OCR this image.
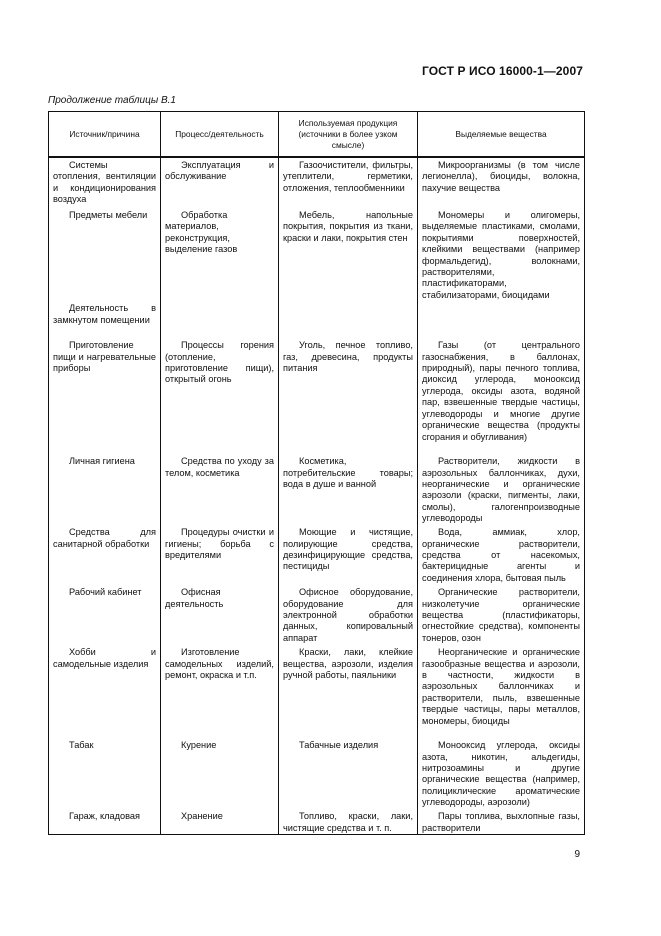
ГОСТ Р ИСО 16000-1—2007
Продолжение таблицы В.1
Источник/причина	Процесс/деятельность	Используемая продукция (источники в более узком смысле)	Выделяемые вещества

Системы отопления, вентиляции и кондиционирования воздуха	Эксплуатация и обслуживание	Газоочистители, фильтры, утеплители, герметики, отложения, теплообменники	Микроорганизмы (в том числе легионелла), биоциды, волокна, пахучие вещества

Предметы мебели	Обработка материалов, реконструкция, выделение газов	Мебель, напольные покрытия, покрытия из ткани, краски и лаки, покрытия стен	Мономеры и олигомеры, выделяемые пластиками, смолами, покрытиями поверхностей, клейкими веществами (например формальдегид), волокнами, растворителями, пластификаторами, стабилизаторами, биоцидами

Деятельность в замкнутом помещении			

Приготовление пищи и нагревательные приборы	Процессы горения (отопление, приготовление пищи), открытый огонь	Уголь, печное топливо, газ, древесина, продукты питания	Газы (от центрального газоснабжения, в баллонах, природный), пары печного топлива, диоксид углерода, монооксид углерода, оксиды азота, водяной пар, взвешенные твердые частицы, углеводороды и многие другие органические вещества (продукты сгорания и обугливания)

Личная гигиена	Средства по уходу за телом, косметика	Косметика, потребительские товары; вода в душе и ванной	Растворители, жидкости в аэрозольных баллончиках, духи, неорганические и органические аэрозоли (краски, пигменты, лаки, смолы), галогенпроизводные углеводороды

Средства для санитарной обработки	Процедуры очистки и гигиены; борьба с вредителями	Моющие и чистящие, полирующие средства, дезинфицирующие средства, пестициды	Вода, аммиак, хлор, органические растворители, средства от насекомых, бактерицидные агенты и соединения хлора, бытовая пыль

Рабочий кабинет	Офисная деятельность	Офисное оборудование, оборудование для электронной обработки данных, копировальный аппарат	Органические растворители, низколетучие органические вещества (пластификаторы, огнестойкие средства), компоненты тонеров, озон

Хобби и самодельные изделия	Изготовление самодельных изделий, ремонт, окраска и т.п.	Краски, лаки, клейкие вещества, аэрозоли, изделия ручной работы, паяльники	Неорганические и органические газообразные вещества и аэрозоли, в частности, жидкости в аэрозольных баллончиках и растворители, пыль, взвешенные твердые частицы, пары металлов, мономеры, биоциды

Табак	Курение	Табачные изделия	Монооксид углерода, оксиды азота, никотин, альдегиды, нитрозоамины и другие органические вещества (например, полициклические ароматические углеводороды, аэрозоли)

Гараж, кладовая	Хранение	Топливо, краски, лаки, чистящие средства и т. п.	Пары топлива, выхлопные газы, растворители
9
